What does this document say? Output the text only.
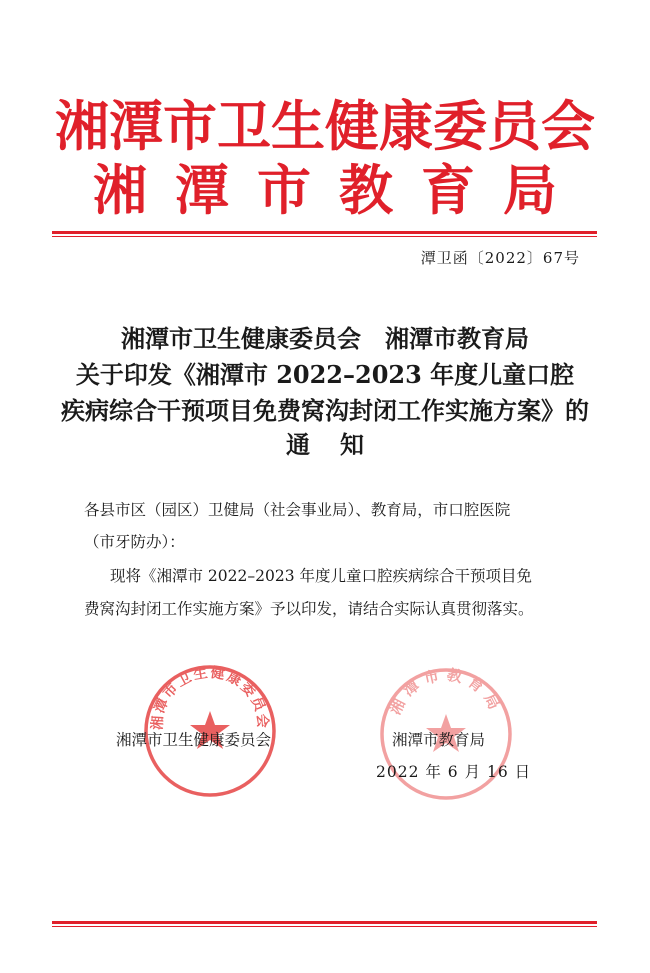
湘潭市卫生健康委员会
湘潭市教育局
潭卫函〔2022〕67号
湘潭市卫生健康委员会　湘潭市教育局
关于印发《湘潭市 2022–2023 年度儿童口腔
疾病综合干预项目免费窝沟封闭工作实施方案》的
通知
各县市区（园区）卫健局（社会事业局）、教育局，市口腔医院
（市牙防办）：
现将《湘潭市 2022–2023 年度儿童口腔疾病综合干预项目免
费窝沟封闭工作实施方案》予以印发，请结合实际认真贯彻落实。
湘潭市卫生健康委员会
湘潭市教育局
湘潭市卫生健康委员会	湘潭市教育局
2022 年 6 月 16 日
